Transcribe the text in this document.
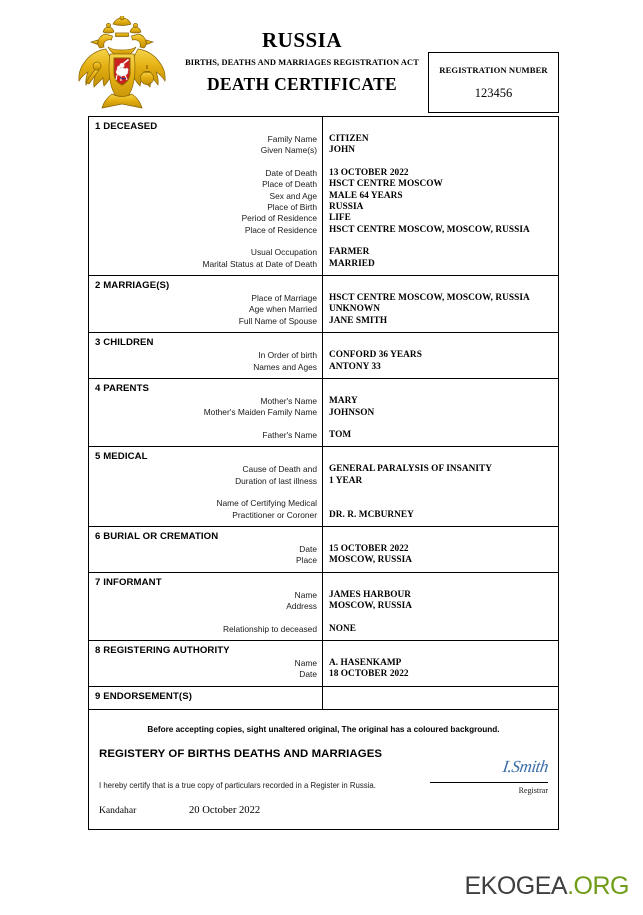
RUSSIA
BIRTHS, DEATHS AND MARRIAGES REGISTRATION ACT
DEATH CERTIFICATE
REGISTRATION NUMBER
123456
1 DECEASED
Family Name
Given Name(s)
Date of Death
Place of Death
Sex and Age
Place of Birth
Period of Residence
Place of Residence
Usual Occupation
Marital Status at Date of Death
CITIZEN
JOHN
13 OCTOBER 2022
HSCT CENTRE MOSCOW
MALE 64 YEARS
RUSSIA
LIFE
HSCT CENTRE MOSCOW, MOSCOW, RUSSIA
FARMER
MARRIED
2 MARRIAGE(S)
Place of Marriage
Age when Married
Full Name of Spouse
HSCT CENTRE MOSCOW, MOSCOW, RUSSIA
UNKNOWN
JANE SMITH
3 CHILDREN
In Order of birth
Names and Ages
CONFORD 36 YEARS
ANTONY 33
4 PARENTS
Mother's Name
Mother's Maiden Family Name
Father's Name
MARY
JOHNSON
TOM
5 MEDICAL
Cause of Death and
Duration of last illness
Name of Certifying Medical
Practitioner or Coroner
GENERAL PARALYSIS OF INSANITY
1 YEAR
DR. R. MCBURNEY
6 BURIAL OR CREMATION
Date
Place
15 OCTOBER 2022
MOSCOW, RUSSIA
7 INFORMANT
Name
Address
Relationship to deceased
JAMES HARBOUR
MOSCOW, RUSSIA
NONE
8 REGISTERING AUTHORITY
Name
Date
A. HASENKAMP
18 OCTOBER 2022
9 ENDORSEMENT(S)
Before accepting copies, sight unaltered original, The original has a coloured background.
REGISTERY OF BIRTHS DEATHS AND MARRIAGES
I hereby certify that is a true copy of particulars recorded in a Register in Russia.
I.Smith
Registrar
Kandahar	20 October 2022
EKOGEA.ORG
